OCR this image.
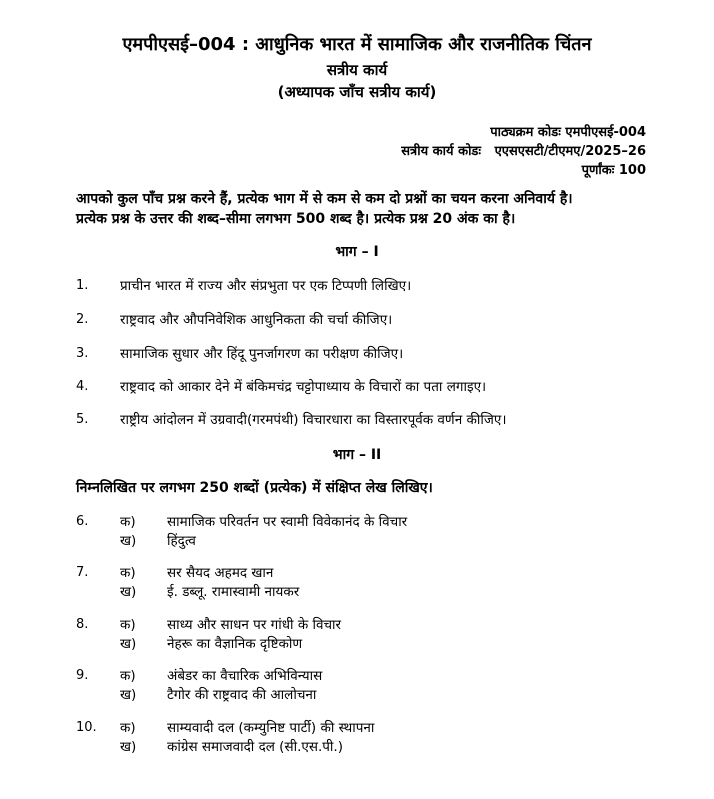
एमपीएसई–004 : आधुनिक भारत में सामाजिक और राजनीतिक चिंतन
सत्रीय कार्य
(अध्यापक जाँच सत्रीय कार्य)
पाठ्यक्रम कोडः एमपीएसई-004
सत्रीय कार्य कोडः   एएसएसटी/टीएमए/2025–26
पूर्णांकः 100
आपको कुल पाँच प्रश्न करने हैं, प्रत्येक भाग में से कम से कम दो प्रश्नों का चयन करना अनिवार्य है।
प्रत्येक प्रश्न के उत्तर की शब्द–सीमा लगभग 500 शब्द है। प्रत्येक प्रश्न 20 अंक का है।
भाग – I
1. प्राचीन भारत में राज्य और संप्रभुता पर एक टिप्पणी लिखिए।
2. राष्ट्रवाद और औपनिवेशिक आधुनिकता की चर्चा कीजिए।
3. सामाजिक सुधार और हिंदू पुनर्जागरण का परीक्षण कीजिए।
4. राष्ट्रवाद को आकार देने में बंकिमचंद्र चट्टोपाध्याय के विचारों का पता लगाइए।
5. राष्ट्रीय आंदोलन में उग्रवादी(गरमपंथी) विचारधारा का विस्तारपूर्वक वर्णन कीजिए।
भाग – II
निम्नलिखित पर लगभग 250 शब्दों (प्रत्येक) में संक्षिप्त लेख लिखिए।
6. क) सामाजिक परिवर्तन पर स्वामी विवेकानंद के विचार
ख) हिंदुत्व
7. क) सर सैयद अहमद खान
ख) ई. डब्लू. रामास्वामी नायकर
8. क) साध्य और साधन पर गांधी के विचार
ख) नेहरू का वैज्ञानिक दृष्टिकोण
9. क) अंबेडर का वैचारिक अभिविन्यास
ख) टैगोर की राष्ट्रवाद की आलोचना
10. क) साम्यवादी दल (कम्युनिष्ट पार्टी) की स्थापना
ख) कांग्रेस समाजवादी दल (सी.एस.पी.)
